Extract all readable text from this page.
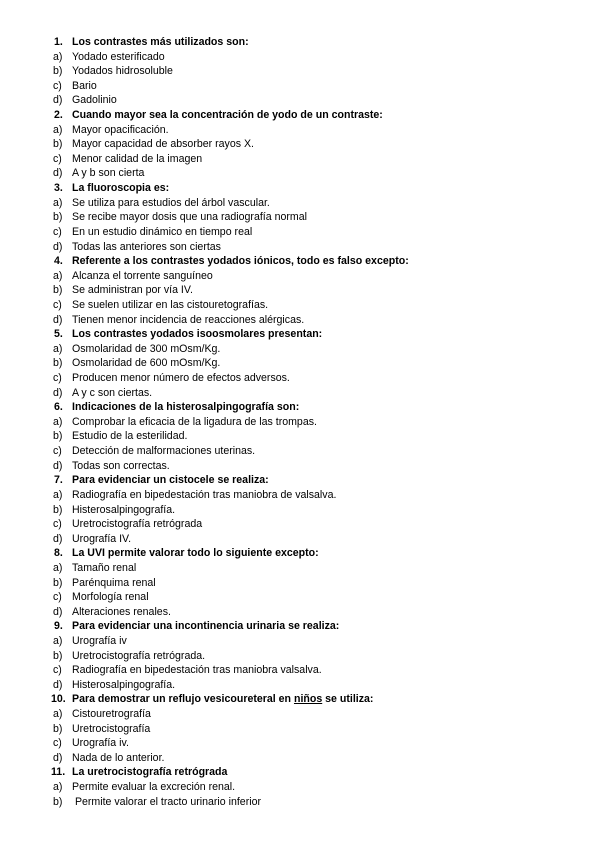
1. Los contrastes más utilizados son:
a) Yodado esterificado
b) Yodados hidrosoluble
c) Bario
d) Gadolinio
2. Cuando mayor sea la concentración de yodo de un contraste:
a) Mayor opacificación.
b) Mayor capacidad de absorber rayos X.
c) Menor calidad de la imagen
d) A y b son cierta
3. La fluoroscopia es:
a) Se utiliza para estudios del árbol vascular.
b) Se recibe mayor dosis que una radiografía normal
c) En un estudio dinámico en tiempo real
d) Todas las anteriores son ciertas
4. Referente a los contrastes yodados iónicos, todo es falso excepto:
a) Alcanza el torrente sanguíneo
b) Se administran por vía IV.
c) Se suelen utilizar en las cistouretografías.
d) Tienen menor incidencia de reacciones alérgicas.
5. Los contrastes yodados isoosmolares presentan:
a) Osmolaridad de 300 mOsm/Kg.
b) Osmolaridad de 600 mOsm/Kg.
c) Producen menor número de efectos adversos.
d) A y c son ciertas.
6. Indicaciones de la histerosalpingografía son:
a) Comprobar la eficacia de la ligadura de las trompas.
b) Estudio de la esterilidad.
c) Detección de malformaciones uterinas.
d) Todas son correctas.
7. Para evidenciar un cistocele se realiza:
a) Radiografía en bipedestación tras maniobra de valsalva.
b) Histerosalpingografía.
c) Uretrocistografía retrógrada
d) Urografía IV.
8. La UVI permite valorar todo lo siguiente excepto:
a) Tamaño renal
b) Parénquima renal
c) Morfología renal
d) Alteraciones renales.
9. Para evidenciar una incontinencia urinaria se realiza:
a) Urografía iv
b) Uretrocistografía retrógrada.
c) Radiografía en bipedestación tras maniobra valsalva.
d) Histerosalpingografía.
10. Para demostrar un reflujo vesicoureteral en niños se utiliza:
a) Cistouretrografía
b) Uretrocistografía
c) Urografía iv.
d) Nada de lo anterior.
11. La uretrocistografía retrógrada
a) Permite evaluar la excreción renal.
b) Permite valorar el tracto urinario inferior
